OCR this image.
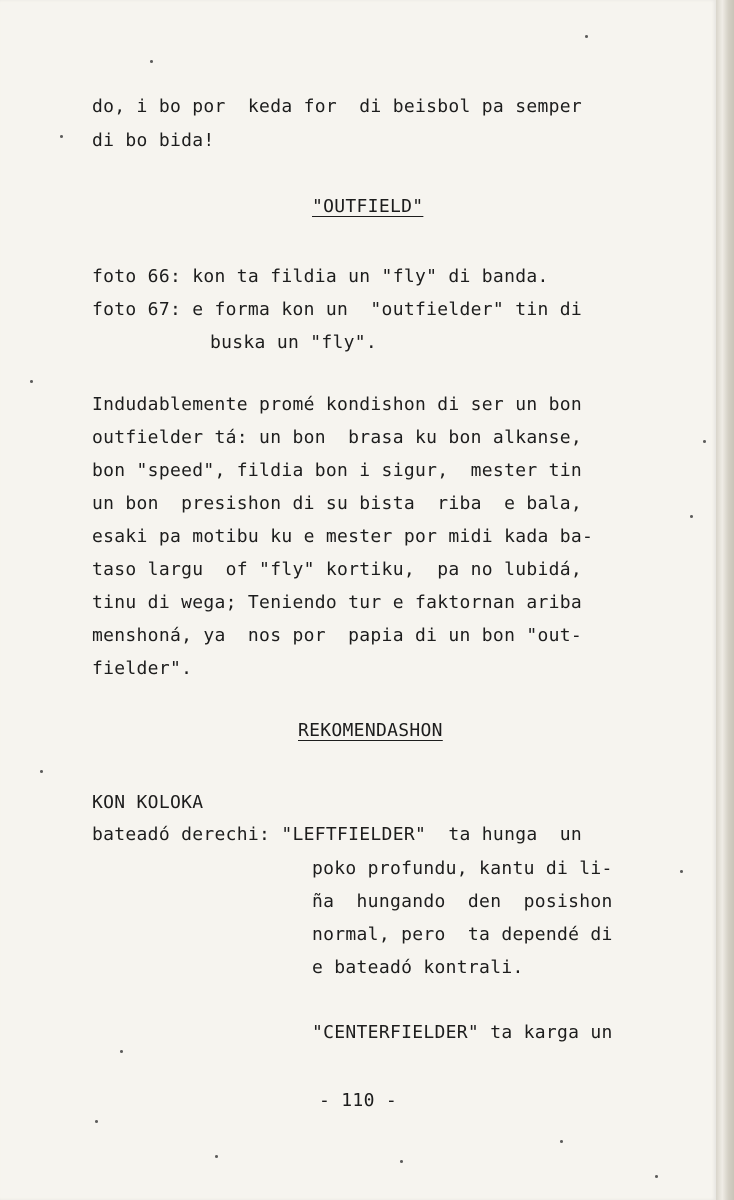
do, i bo por  keda for  di beisbol pa semper

di bo bida!

"OUTFIELD"

foto 66: kon ta fildia un "fly" di banda.

foto 67: e forma kon un  "outfielder" tin di

buska un "fly".

Indudablemente promé kondishon di ser un bon

outfielder tá: un bon  brasa ku bon alkanse,

bon "speed", fildia bon i sigur,  mester tin

un bon  presishon di su bista  riba  e bala,

esaki pa motibu ku e mester por midi kada ba-

taso largu  of "fly" kortiku,  pa no lubidá,

tinu di wega; Teniendo tur e faktornan ariba

menshoná, ya  nos por  papia di un bon "out-

fielder".

REKOMENDASHON

KON KOLOKA

bateadó derechi: "LEFTFIELDER"  ta hunga  un

poko profundu, kantu di li-

ña  hungando  den  posishon

normal, pero  ta dependé di

e bateadó kontrali.

"CENTERFIELDER" ta karga un

- 110 -
